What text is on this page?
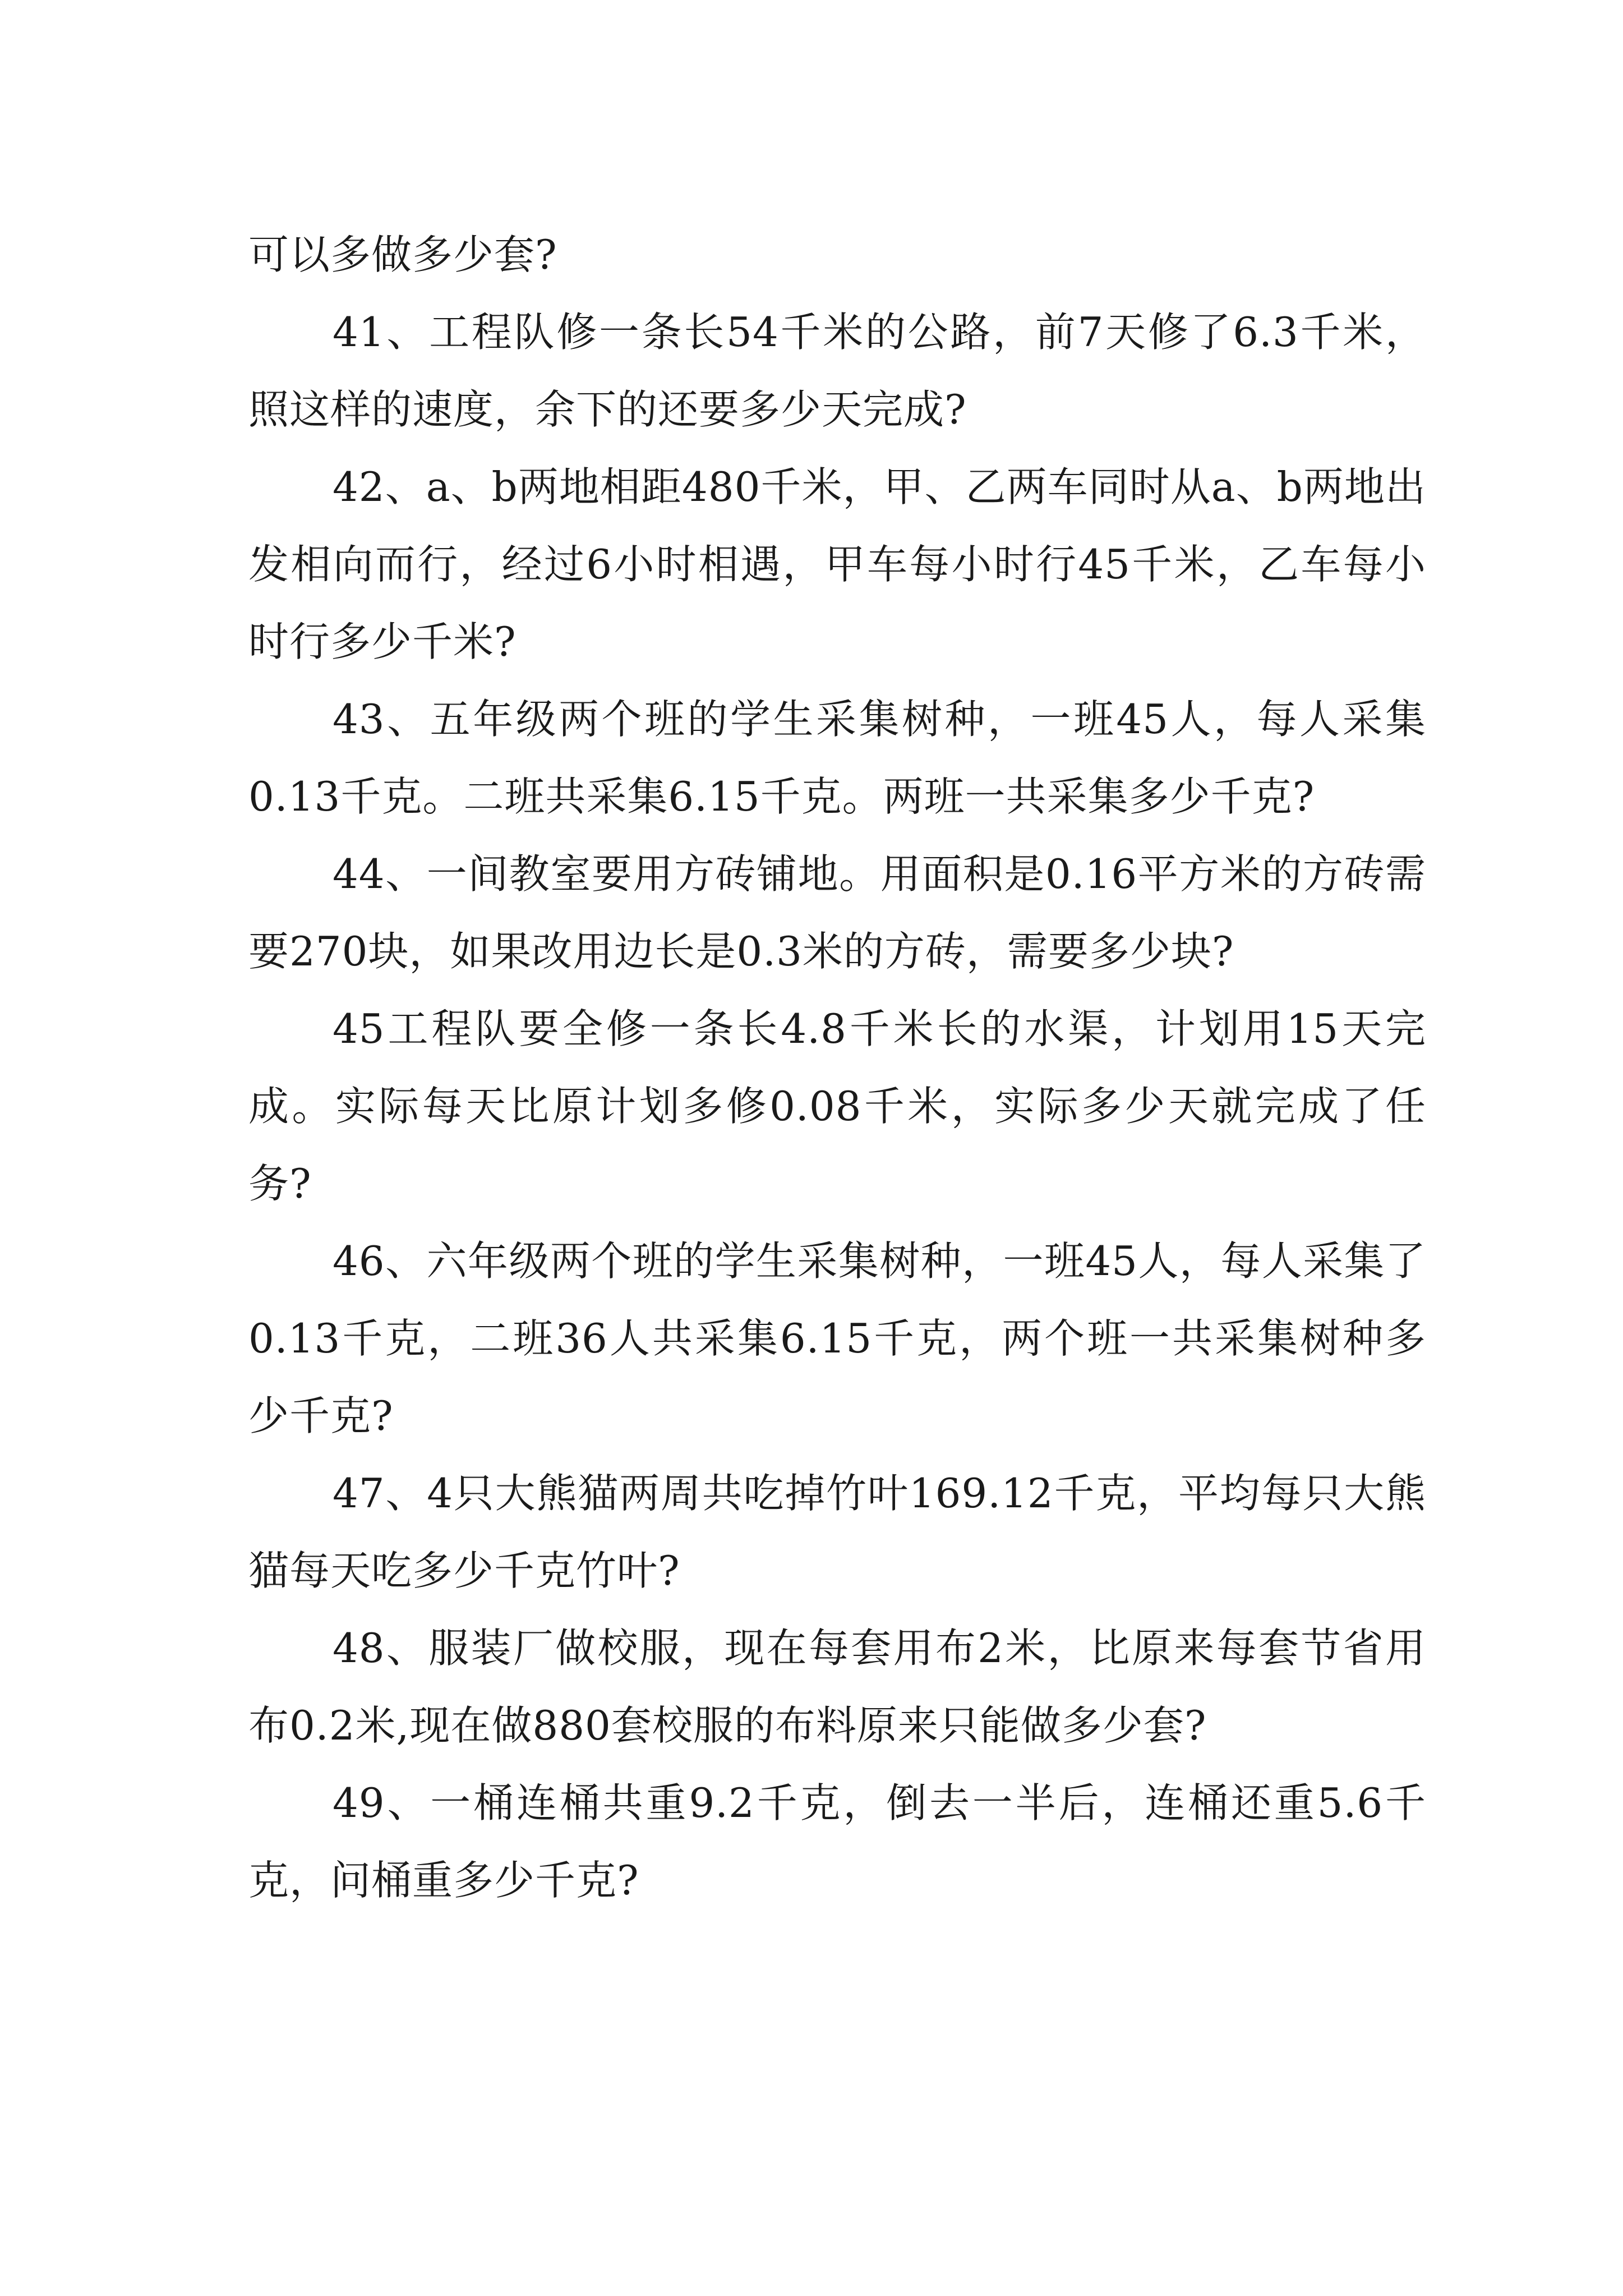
可以多做多少套?

41、工程队修一条长54千米的公路，前7天修了6.3千米，照这样的速度，余下的还要多少天完成?

42、a、b两地相距480千米，甲、乙两车同时从a、b两地出发相向而行，经过6小时相遇，甲车每小时行45千米，乙车每小时行多少千米?

43、五年级两个班的学生采集树种，一班45人，每人采集0.13千克。二班共采集6.15千克。两班一共采集多少千克?

44、一间教室要用方砖铺地。用面积是0.16平方米的方砖需要270块，如果改用边长是0.3米的方砖，需要多少块?

45工程队要全修一条长4.8千米长的水渠，计划用15天完成。实际每天比原计划多修0.08千米，实际多少天就完成了任务?

46、六年级两个班的学生采集树种，一班45人，每人采集了0.13千克，二班36人共采集6.15千克，两个班一共采集树种多少千克?

47、4只大熊猫两周共吃掉竹叶169.12千克，平均每只大熊猫每天吃多少千克竹叶?

48、服装厂做校服，现在每套用布2米，比原来每套节省用布0.2米,现在做880套校服的布料原来只能做多少套?

49、一桶连桶共重9.2千克，倒去一半后，连桶还重5.6千克，问桶重多少千克?
